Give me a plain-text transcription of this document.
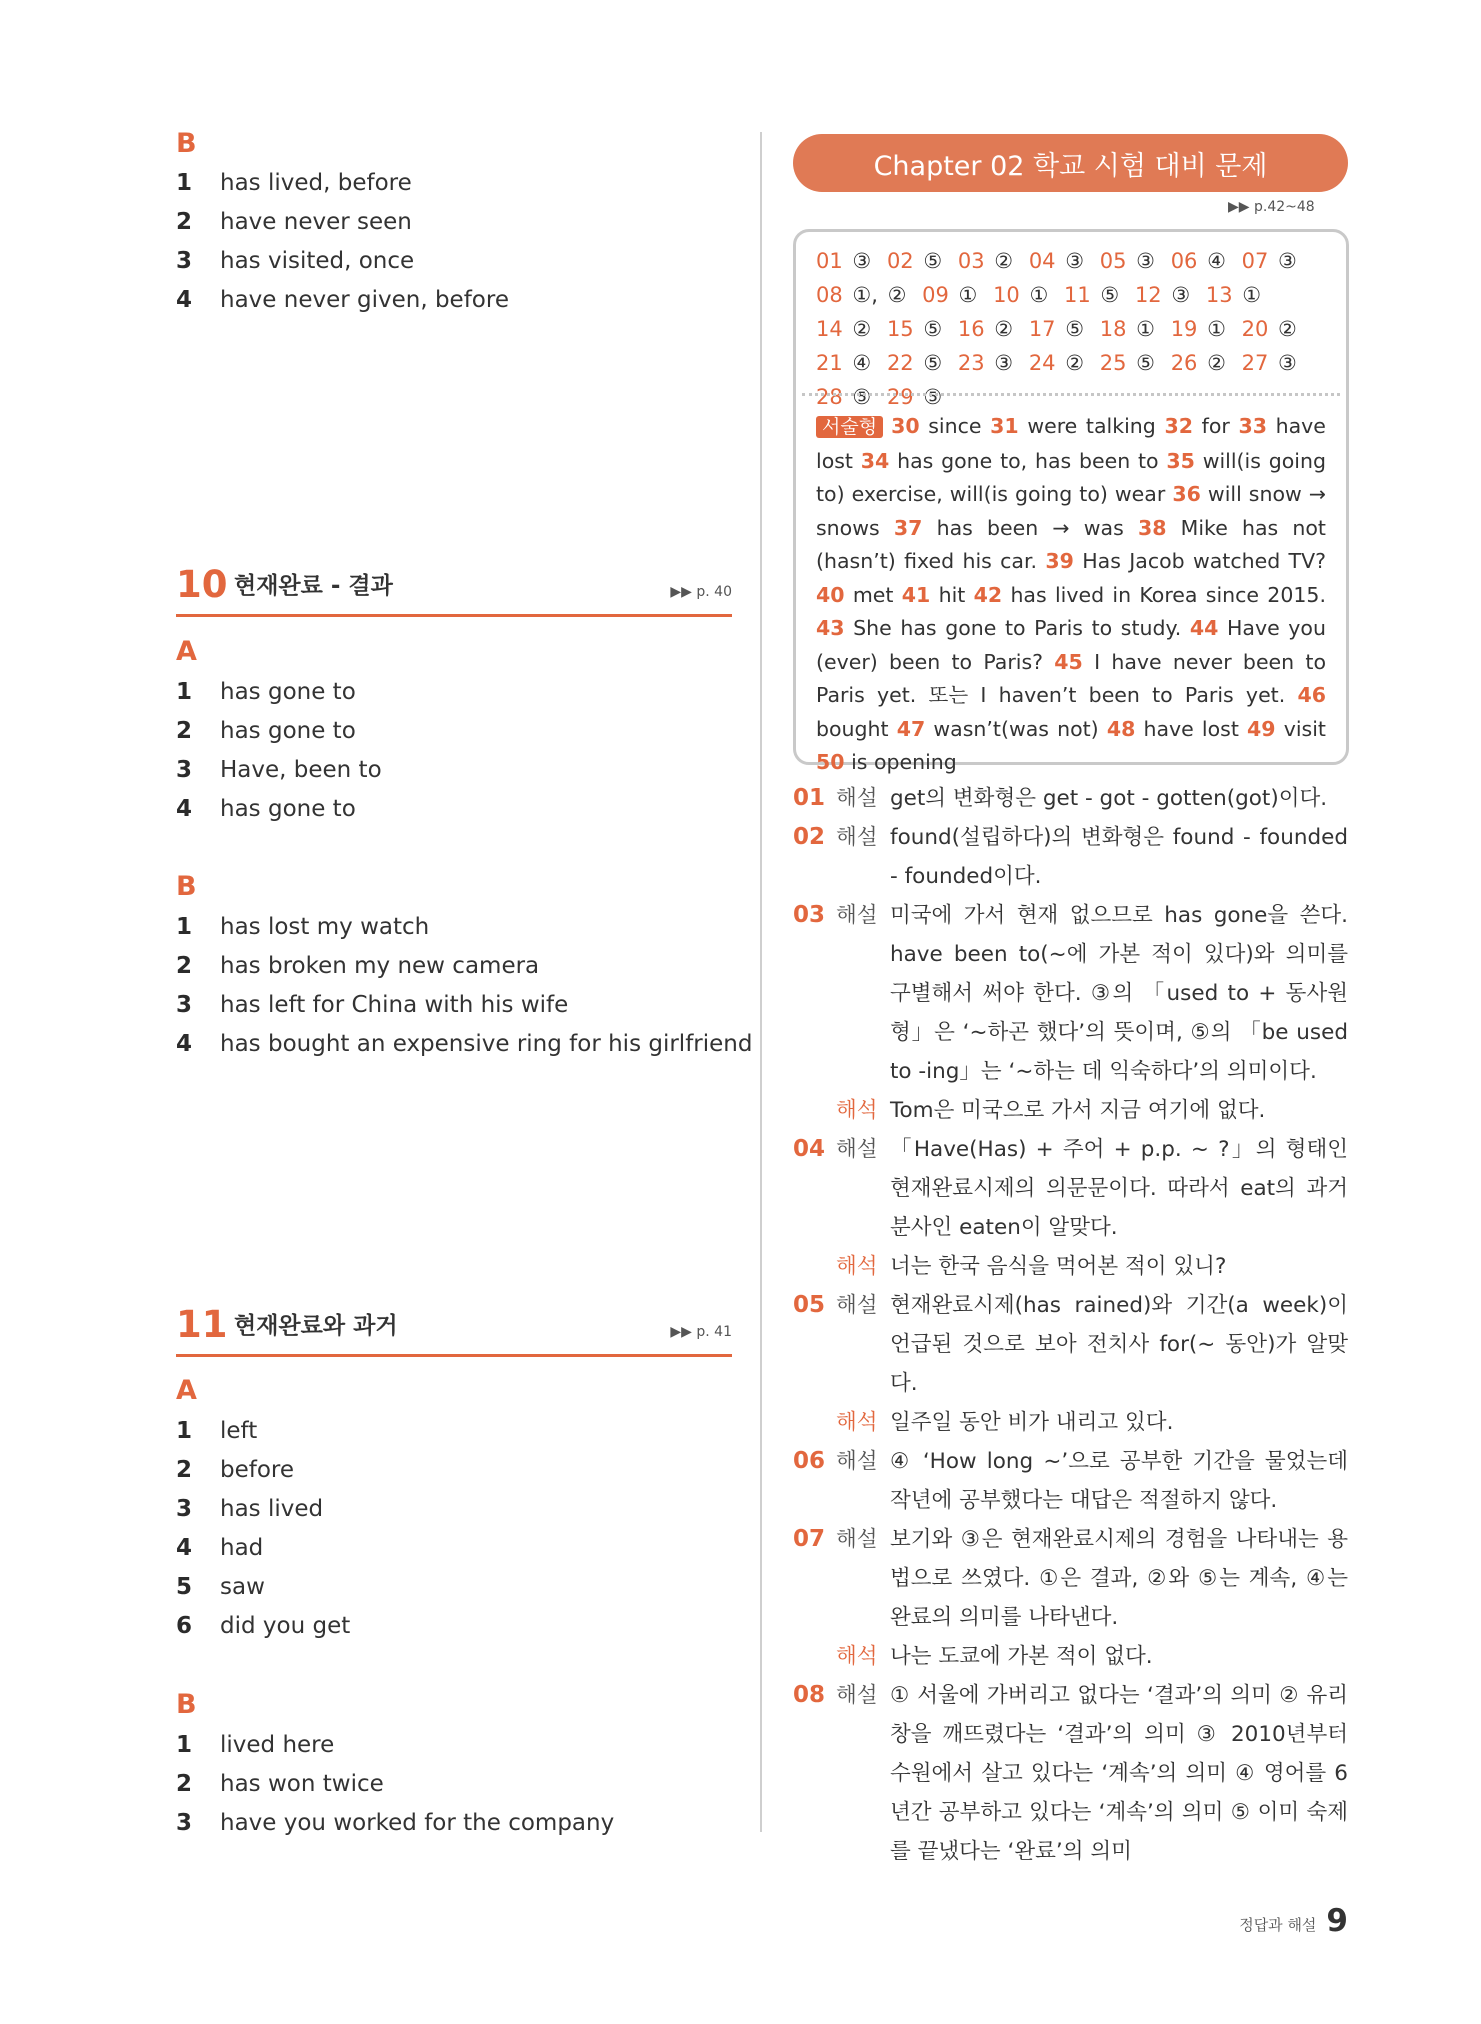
B
1	has lived, before
2	have never seen
3	has visited, once
4	have never given, before
10 현재완료 - 결과	▶▶ p. 40
A
1	has gone to
2	has gone to
3	Have, been to
4	has gone to
B
1	has lost my watch
2	has broken my new camera
3	has left for China with his wife
4	has bought an expensive ring for his girlfriend
11 현재완료와 과거	▶▶ p. 41
A
1	left
2	before
3	has lived
4	had
5	saw
6	did you get
B
1	lived here
2	has won twice
3	have you worked for the company
Chapter 02 학교 시험 대비 문제
▶▶ p.42~48
01 ③ 02 ⑤ 03 ② 04 ③ 05 ③ 06 ④ 07 ③ 08 ①, ② 09 ① 10 ① 11 ⑤ 12 ③ 13 ① 14 ② 15 ⑤ 16 ② 17 ⑤ 18 ① 19 ① 20 ② 21 ④ 22 ⑤ 23 ③ 24 ② 25 ⑤ 26 ② 27 ③ 28 ⑤ 29 ⑤
서술형 30 since 31 were talking 32 for 33 have lost 34 has gone to, has been to 35 will(is going to) exercise, will(is going to) wear 36 will snow → snows 37 has been → was 38 Mike has not (hasn’t) fixed his car. 39 Has Jacob watched TV? 40 met 41 hit 42 has lived in Korea since 2015. 43 She has gone to Paris to study. 44 Have you (ever) been to Paris? 45 I have never been to Paris yet. 또는 I haven’t been to Paris yet. 46 bought 47 wasn’t(was not) 48 have lost 49 visit 50 is opening
01 해설 get의 변화형은 get - got - gotten(got)이다.
02 해설 found(설립하다)의 변화형은 found - founded - founded이다.
03 해설 미국에 가서 현재 없으므로 has gone을 쓴다. have been to(~에 가본 적이 있다)와 의미를 구별해서 써야 한다. ③의 「used to + 동사원형」은 ‘~하곤 했다’의 뜻이며, ⑤의 「be used to -ing」는 ‘~하는 데 익숙하다’의 의미이다.
해석 Tom은 미국으로 가서 지금 여기에 없다.
04 해설 「Have(Has) + 주어 + p.p. ~ ?」의 형태인 현재완료시제의 의문문이다. 따라서 eat의 과거분사인 eaten이 알맞다.
해석 너는 한국 음식을 먹어본 적이 있니?
05 해설 현재완료시제(has rained)와 기간(a week)이 언급된 것으로 보아 전치사 for(~ 동안)가 알맞다.
해석 일주일 동안 비가 내리고 있다.
06 해설 ④ ‘How long ~’으로 공부한 기간을 물었는데 작년에 공부했다는 대답은 적절하지 않다.
07 해설 보기와 ③은 현재완료시제의 경험을 나타내는 용법으로 쓰였다. ①은 결과, ②와 ⑤는 계속, ④는 완료의 의미를 나타낸다.
해석 나는 도쿄에 가본 적이 없다.
08 해설 ① 서울에 가버리고 없다는 ‘결과’의 의미 ② 유리창을 깨뜨렸다는 ‘결과’의 의미 ③ 2010년부터 수원에서 살고 있다는 ‘계속’의 의미 ④ 영어를 6년간 공부하고 있다는 ‘계속’의 의미 ⑤ 이미 숙제를 끝냈다는 ‘완료’의 의미
정답과 해설 9
